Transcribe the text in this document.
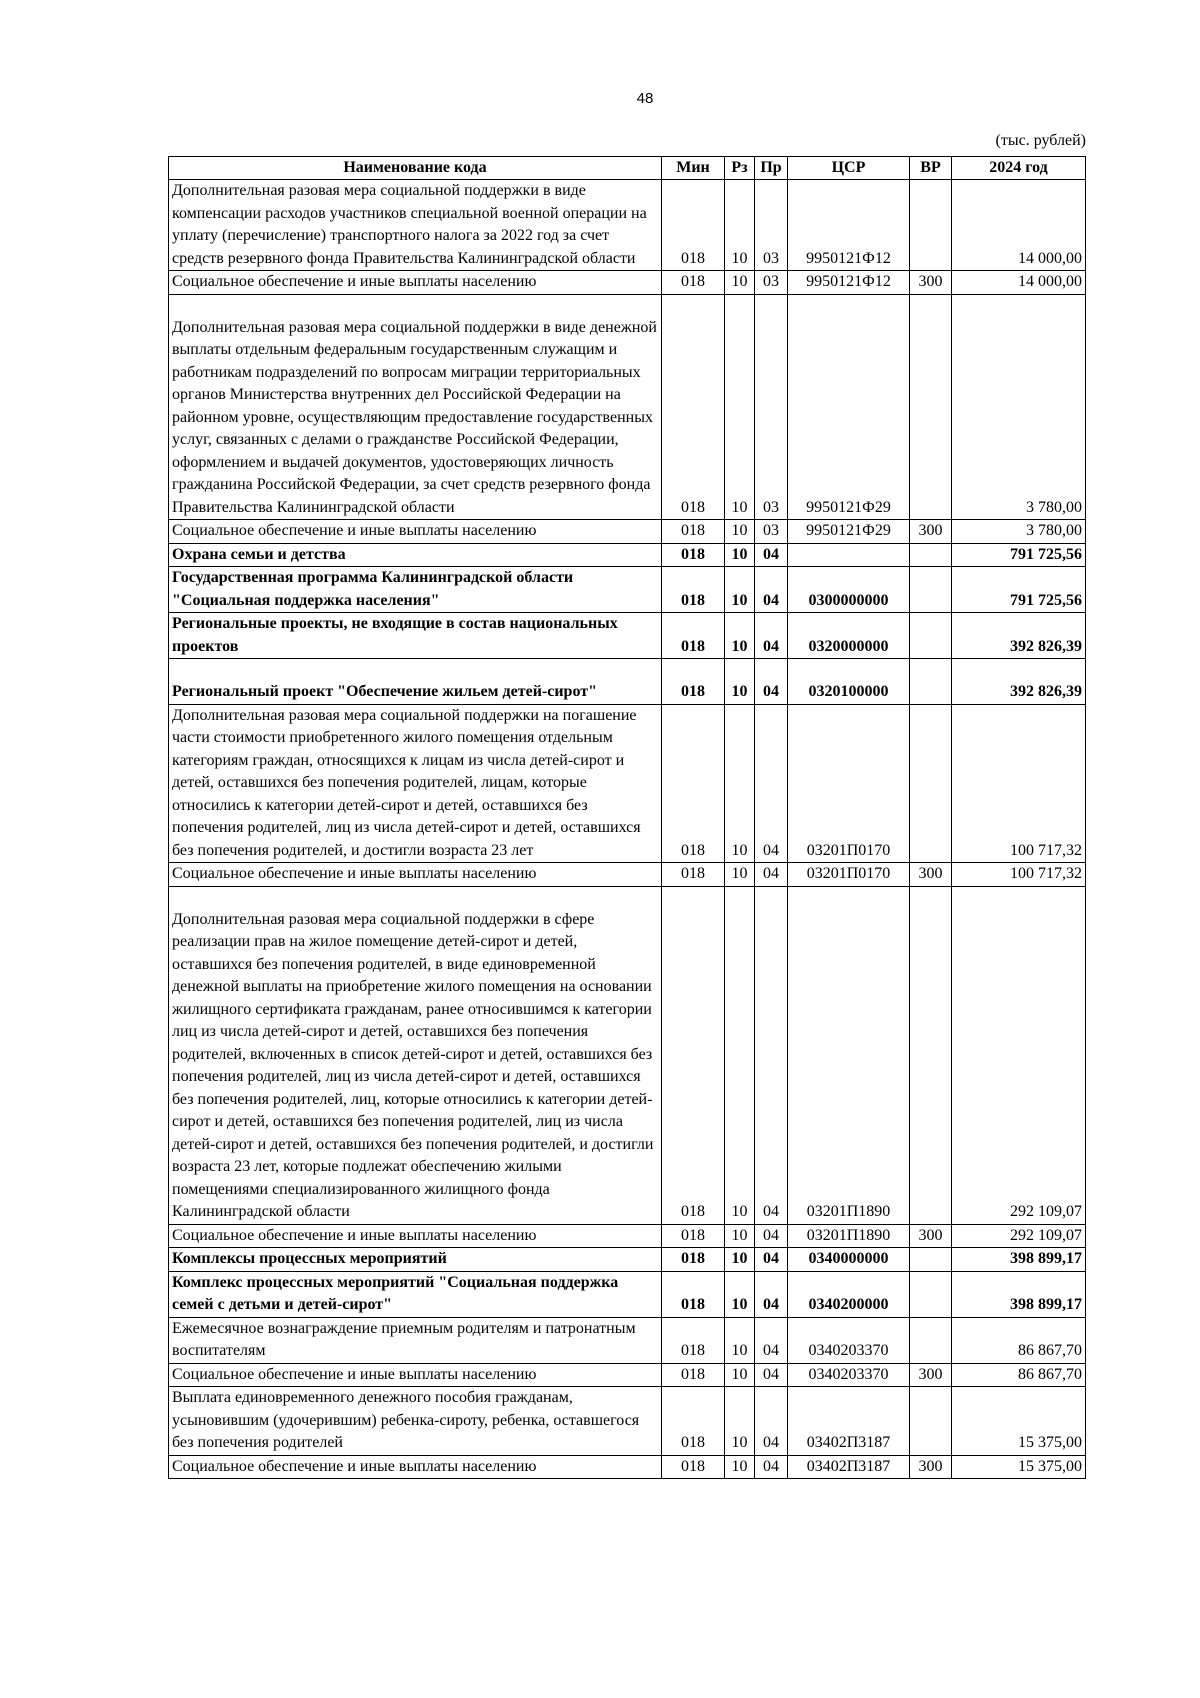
48
(тыс. рублей)
Наименование кода	Мин	Рз	Пр	ЦСР	ВР	2024 год
Дополнительная разовая мера социальной поддержки в виде компенсации расходов участников специальной военной операции на уплату (перечисление) транспортного налога за 2022 год за счет средств резервного фонда Правительства Калининградской области	018	10	03	9950121Ф12		14 000,00
Социальное обеспечение и иные выплаты населению	018	10	03	9950121Ф12	300	14 000,00

Дополнительная разовая мера социальной поддержки в виде денежной выплаты отдельным федеральным государственным служащим и работникам подразделений по вопросам миграции территориальных органов Министерства внутренних дел Российской Федерации на районном уровне, осуществляющим предоставление государственных услуг, связанных с делами о гражданстве Российской Федерации, оформлением и выдачей документов, удостоверяющих личность гражданина Российской Федерации, за счет средств резервного фонда Правительства Калининградской области	018	10	03	9950121Ф29		3 780,00
Социальное обеспечение и иные выплаты населению	018	10	03	9950121Ф29	300	3 780,00
Охрана семьи и детства	018	10	04			791 725,56
Государственная программа Калининградской области "Социальная поддержка населения"	018	10	04	0300000000		791 725,56
Региональные проекты, не входящие в состав национальных проектов	018	10	04	0320000000		392 826,39

Региональный проект "Обеспечение жильем детей-сирот"	018	10	04	0320100000		392 826,39
Дополнительная разовая мера социальной поддержки на погашение части стоимости приобретенного жилого помещения отдельным категориям граждан, относящихся к лицам из числа детей-сирот и детей, оставшихся без попечения родителей, лицам, которые относились к категории детей-сирот и детей, оставшихся без попечения родителей, лиц из числа детей-сирот и детей, оставшихся без попечения родителей, и достигли возраста 23 лет	018	10	04	03201П0170		100 717,32
Социальное обеспечение и иные выплаты населению	018	10	04	03201П0170	300	100 717,32

Дополнительная разовая мера социальной поддержки в сфере реализации прав на жилое помещение детей-сирот и детей, оставшихся без попечения родителей, в виде единовременной денежной выплаты на приобретение жилого помещения на основании жилищного сертификата гражданам, ранее относившимся к категории лиц из числа детей-сирот и детей, оставшихся без попечения родителей, включенных в список детей-сирот и детей, оставшихся без попечения родителей, лиц из числа детей-сирот и детей, оставшихся без попечения родителей, лиц, которые относились к категории детей-сирот и детей, оставшихся без попечения родителей, лиц из числа детей-сирот и детей, оставшихся без попечения родителей, и достигли возраста 23 лет, которые подлежат обеспечению жилыми помещениями специализированного жилищного фонда Калининградской области	018	10	04	03201П1890		292 109,07
Социальное обеспечение и иные выплаты населению	018	10	04	03201П1890	300	292 109,07
Комплексы процессных мероприятий	018	10	04	0340000000		398 899,17
Комплекс процессных мероприятий "Социальная поддержка семей с детьми и детей-сирот"	018	10	04	0340200000		398 899,17
Ежемесячное вознаграждение приемным родителям и патронатным воспитателям	018	10	04	0340203370		86 867,70
Социальное обеспечение и иные выплаты населению	018	10	04	0340203370	300	86 867,70
Выплата единовременного денежного пособия гражданам, усыновившим (удочерившим) ребенка-сироту, ребенка, оставшегося без попечения родителей	018	10	04	03402П3187		15 375,00
Социальное обеспечение и иные выплаты населению	018	10	04	03402П3187	300	15 375,00
